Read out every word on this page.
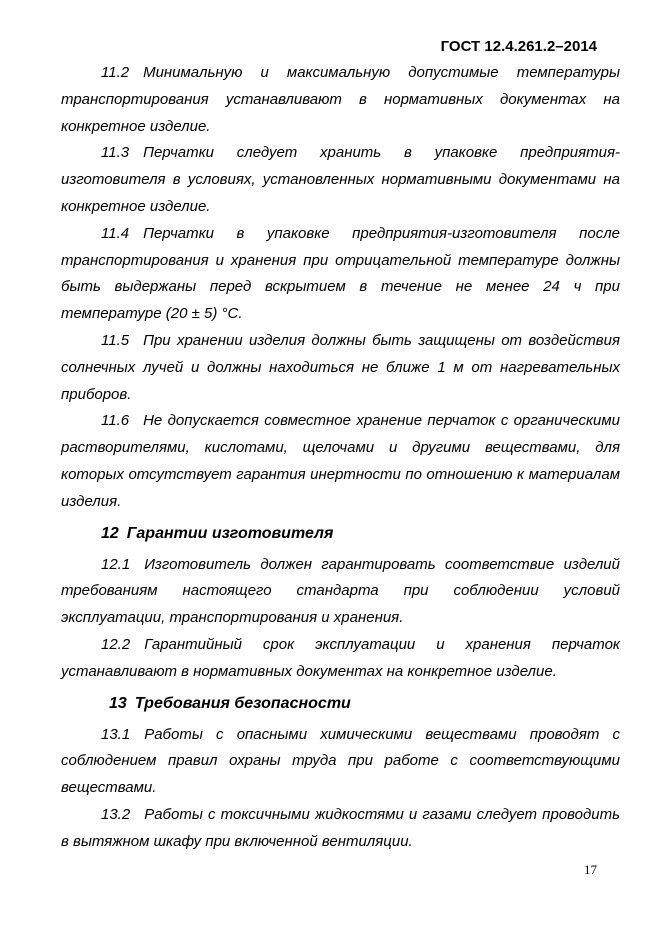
ГОСТ 12.4.261.2–2014

11.2 Минимальную и максимальную допустимые температуры транспортирования устанавливают в нормативных документах на конкретное изделие.

11.3 Перчатки следует хранить в упаковке предприятия-изготовителя в условиях, установленных нормативными документами на конкретное изделие.

11.4 Перчатки в упаковке предприятия-изготовителя после транспортирования и хранения при отрицательной температуре должны быть выдержаны перед вскрытием в течение не менее 24 ч при температуре (20 ± 5) °С.

11.5 При хранении изделия должны быть защищены от воздействия солнечных лучей и должны находиться не ближе 1 м от нагревательных приборов.

11.6 Не допускается совместное хранение перчаток с органическими растворителями, кислотами, щелочами и другими веществами, для которых отсутствует гарантия инертности по отношению к материалам изделия.

12 Гарантии изготовителя

12.1 Изготовитель должен гарантировать соответствие изделий требованиям настоящего стандарта при соблюдении условий эксплуатации, транспортирования и хранения.

12.2 Гарантийный срок эксплуатации и хранения перчаток устанавливают в нормативных документах на конкретное изделие.

13 Требования безопасности

13.1 Работы с опасными химическими веществами проводят с соблюдением правил охраны труда при работе с соответствующими веществами.

13.2 Работы с токсичными жидкостями и газами следует проводить в вытяжном шкафу при включенной вентиляции.

17
